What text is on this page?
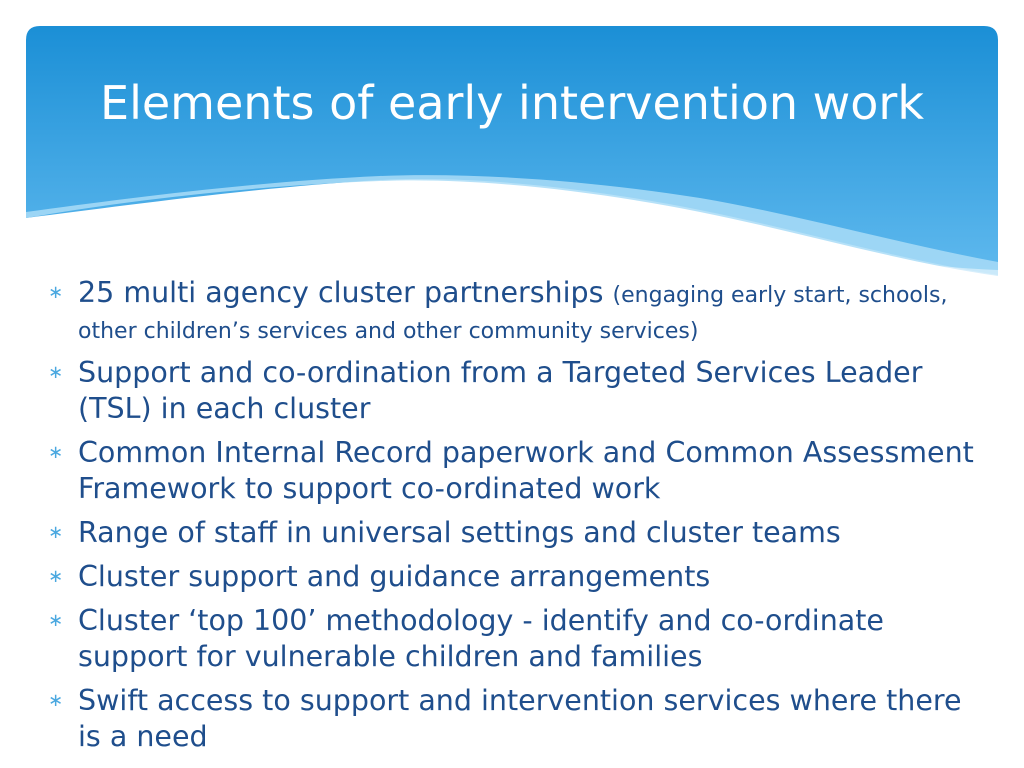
Elements of early intervention work
∗ 25 multi agency cluster partnerships (engaging early start, schools, other children’s services and other community services)
∗ Support and co-ordination from a Targeted Services Leader (TSL) in each cluster
∗ Common Internal Record paperwork and Common Assessment Framework to support co-ordinated work
∗ Range of staff in universal settings and cluster teams
∗ Cluster support and guidance arrangements
∗ Cluster ‘top 100’ methodology - identify and co-ordinate support for vulnerable children and families
∗ Swift access to support and intervention services where there is a need
